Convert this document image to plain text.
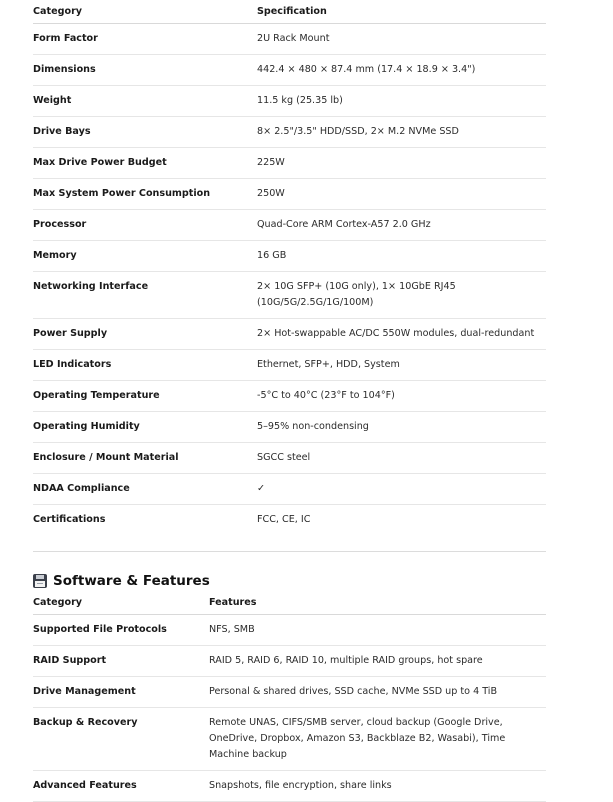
Category	Specification
Form Factor	2U Rack Mount
Dimensions	442.4 × 480 × 87.4 mm (17.4 × 18.9 × 3.4")
Weight	11.5 kg (25.35 lb)
Drive Bays	8× 2.5"/3.5" HDD/SSD, 2× M.2 NVMe SSD
Max Drive Power Budget	225W
Max System Power Consumption	250W
Processor	Quad-Core ARM Cortex-A57 2.0 GHz
Memory	16 GB
Networking Interface	2× 10G SFP+ (10G only), 1× 10GbE RJ45 (10G/5G/2.5G/1G/100M)
Power Supply	2× Hot-swappable AC/DC 550W modules, dual-redundant
LED Indicators	Ethernet, SFP+, HDD, System
Operating Temperature	-5°C to 40°C (23°F to 104°F)
Operating Humidity	5–95% non-condensing
Enclosure / Mount Material	SGCC steel
NDAA Compliance	✓
Certifications	FCC, CE, IC
Software & Features
Category	Features
Supported File Protocols	NFS, SMB
RAID Support	RAID 5, RAID 6, RAID 10, multiple RAID groups, hot spare
Drive Management	Personal & shared drives, SSD cache, NVMe SSD up to 4 TiB
Backup & Recovery	Remote UNAS, CIFS/SMB server, cloud backup (Google Drive, OneDrive, Dropbox, Amazon S3, Backblaze B2, Wasabi), Time Machine backup
Advanced Features	Snapshots, file encryption, share links
